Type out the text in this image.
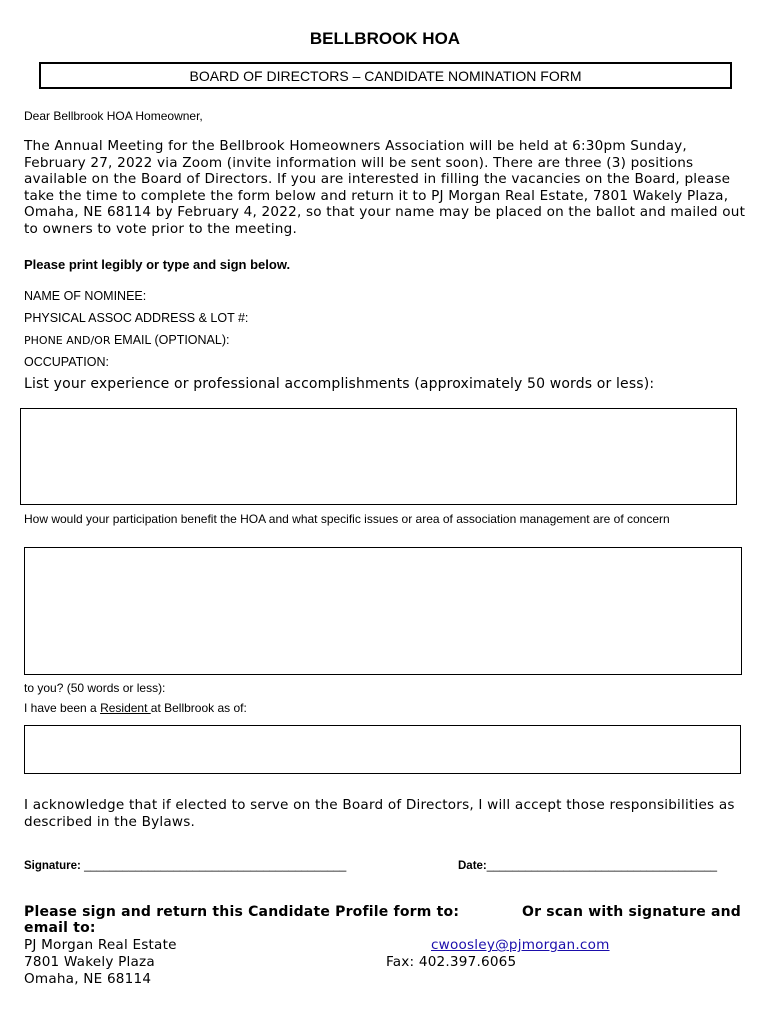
BELLBROOK HOA
BOARD OF DIRECTORS – CANDIDATE NOMINATION FORM
Dear Bellbrook HOA Homeowner,
The Annual Meeting for the Bellbrook Homeowners Association will be held at 6:30pm Sunday,
February 27, 2022 via Zoom (invite information will be sent soon). There are three (3) positions
available on the Board of Directors. If you are interested in filling the vacancies on the Board, please
take the time to complete the form below and return it to PJ Morgan Real Estate, 7801 Wakely Plaza,
Omaha, NE 68114 by February 4, 2022, so that your name may be placed on the ballot and mailed out
to owners to vote prior to the meeting.
Please print legibly or type and sign below.
NAME OF NOMINEE:
PHYSICAL ASSOC ADDRESS & LOT #:
PHONE AND/OR EMAIL (OPTIONAL):
OCCUPATION:
List your experience or professional accomplishments (approximately 50 words or less):
How would your participation benefit the HOA and what specific issues or area of association management are of concern
to you? (50 words or less):
I have been a Resident at Bellbrook as of:
I acknowledge that if elected to serve on the Board of Directors, I will accept those responsibilities as
described in the Bylaws.
Signature: _________________________________________	Date:____________________________________
Please sign and return this Candidate Profile form to:	Or scan with signature and
email to:
PJ Morgan Real Estate
7801 Wakely Plaza
Omaha, NE 68114
cwoosley@pjmorgan.com
Fax: 402.397.6065
